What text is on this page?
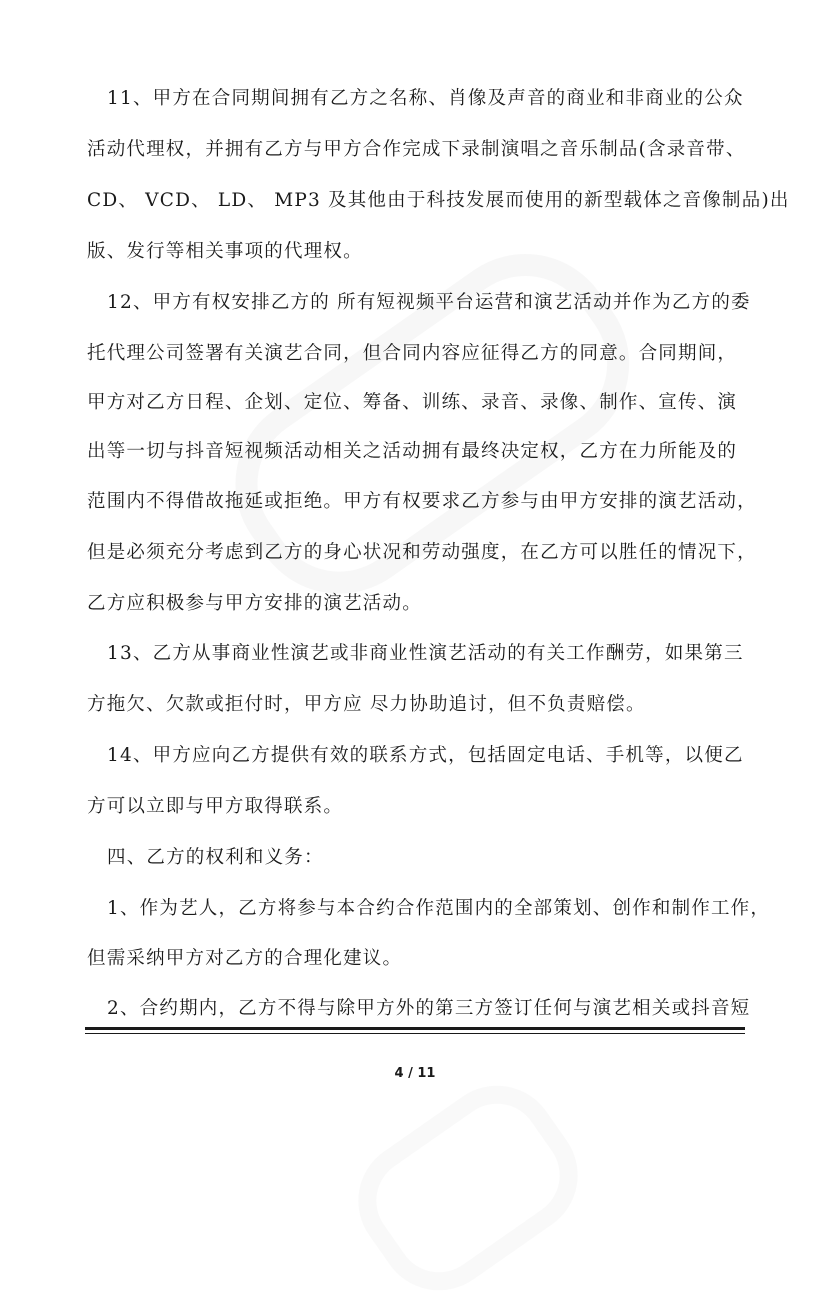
11、甲方在合同期间拥有乙方之名称、肖像及声音的商业和非商业的公众
活动代理权，并拥有乙方与甲方合作完成下录制演唱之音乐制品(含录音带、
CD、 VCD、 LD、 MP3 及其他由于科技发展而使用的新型载体之音像制品)出
版、发行等相关事项的代理权。
12、甲方有权安排乙方的 所有短视频平台运营和演艺活动并作为乙方的委
托代理公司签署有关演艺合同，但合同内容应征得乙方的同意。合同期间，
甲方对乙方日程、企划、定位、筹备、训练、录音、录像、制作、宣传、演
出等一切与抖音短视频活动相关之活动拥有最终决定权，乙方在力所能及的
范围内不得借故拖延或拒绝。甲方有权要求乙方参与由甲方安排的演艺活动，
但是必须充分考虑到乙方的身心状况和劳动强度，在乙方可以胜任的情况下，
乙方应积极参与甲方安排的演艺活动。
13、乙方从事商业性演艺或非商业性演艺活动的有关工作酬劳，如果第三
方拖欠、欠款或拒付时，甲方应 尽力协助追讨，但不负责赔偿。
14、甲方应向乙方提供有效的联系方式，包括固定电话、手机等，以便乙
方可以立即与甲方取得联系。
四、乙方的权利和义务：
1、作为艺人，乙方将参与本合约合作范围内的全部策划、创作和制作工作，
但需采纳甲方对乙方的合理化建议。
2、合约期内，乙方不得与除甲方外的第三方签订任何与演艺相关或抖音短
4 / 11
